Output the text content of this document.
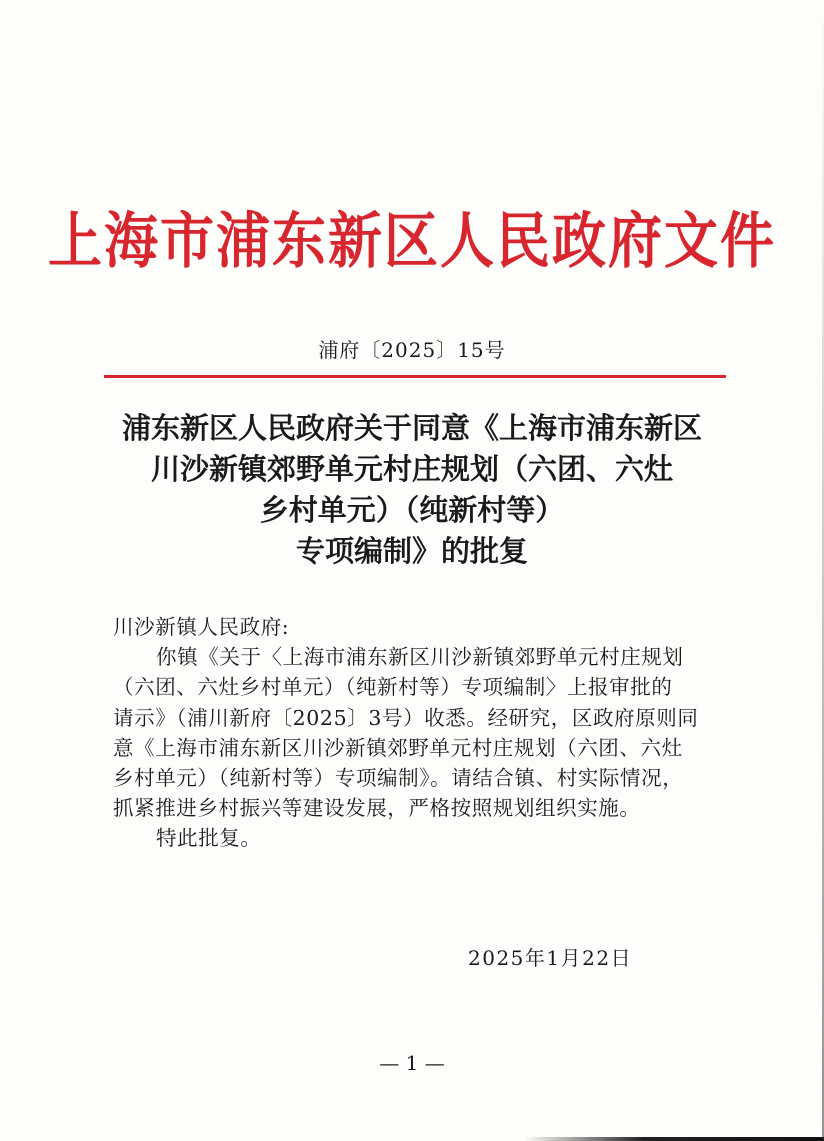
上海市浦东新区人民政府文件
浦府〔2025〕15号
浦东新区人民政府关于同意《上海市浦东新区
川沙新镇郊野单元村庄规划（六团、六灶
乡村单元）（纯新村等）
专项编制》的批复

川沙新镇人民政府:

你镇《关于〈上海市浦东新区川沙新镇郊野单元村庄规划
（六团、六灶乡村单元）（纯新村等）专项编制〉上报审批的
请示》（浦川新府〔2025〕3号）收悉。经研究，区政府原则同
意《上海市浦东新区川沙新镇郊野单元村庄规划（六团、六灶
乡村单元）（纯新村等）专项编制》。请结合镇、村实际情况，
抓紧推进乡村振兴等建设发展，严格按照规划组织实施。

特此批复。

2025年1月22日
— 1 —
